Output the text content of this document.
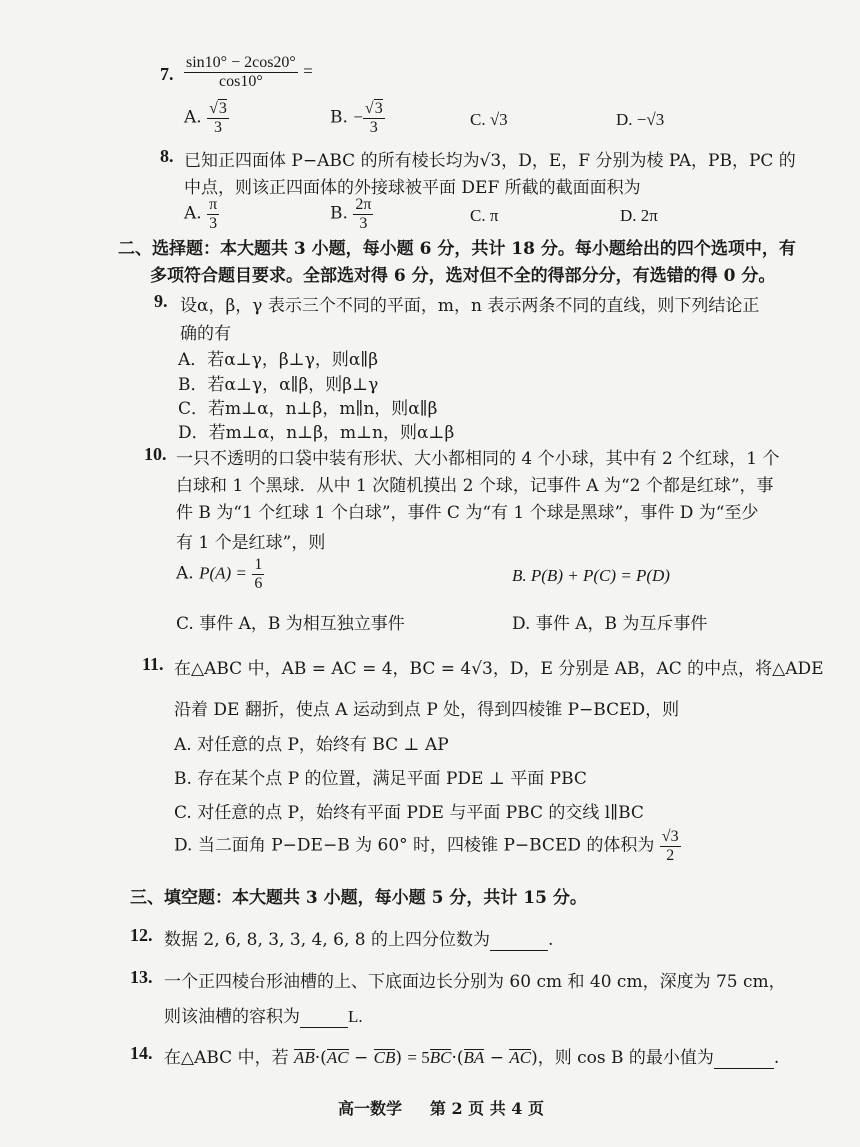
7. $\frac{\sin 10^\circ - 2\cos 20^\circ}{\cos 10^\circ}$ =
A. $\frac{√3}{3}$	B. − $\frac{√3}{3}$	C. √3	D. −√3
8. 已知正四面体 P−ABC 的所有棱长均为√3，D，E，F 分别为棱 PA，PB，PC 的
中点，则该正四面体的外接球被平面 DEF 所截的截面面积为
A. $\frac{\pi}{3}$	B. $\frac{2\pi}{3}$	C. π	D. 2π
二、选择题：本大题共 3 小题，每小题 6 分，共计 18 分。每小题给出的四个选项中，有
多项符合题目要求。全部选对得 6 分，选对但不全的得部分分，有选错的得 0 分。
9. 设α，β，γ 表示三个不同的平面，m，n 表示两条不同的直线，则下列结论正
确的有
A．若α⊥γ，β⊥γ，则α∥β
B．若α⊥γ，α∥β，则β⊥γ
C．若m⊥α，n⊥β，m∥n，则α∥β
D．若m⊥α，n⊥β，m⊥n，则α⊥β
10. 一只不透明的口袋中装有形状、大小都相同的 4 个小球，其中有 2 个红球，1 个
白球和 1 个黑球．从中 1 次随机摸出 2 个球，记事件 A 为“2 个都是红球”，事
件 B 为“1 个红球 1 个白球”，事件 C 为“有 1 个球是黑球”，事件 D 为“至少
有 1 个是红球”，则
A. $P(A) = \frac{1}{6}$	B. P(B) + P(C) = P(D)
C. 事件 A，B 为相互独立事件	D. 事件 A，B 为互斥事件
11. 在△ABC 中，AB = AC = 4，BC = 4√3，D，E 分别是 AB，AC 的中点，将△ADE
沿着 DE 翻折，使点 A 运动到点 P 处，得到四棱锥 P−BCED，则
A. 对任意的点 P，始终有 BC ⊥ AP
B. 存在某个点 P 的位置，满足平面 PDE ⊥ 平面 PBC
C. 对任意的点 P，始终有平面 PDE 与平面 PBC 的交线 l∥BC
D. 当二面角 P−DE−B 为 60° 时，四棱锥 P−BCED 的体积为 $\frac{√3}{2}$
三、填空题：本大题共 3 小题，每小题 5 分，共计 15 分。
12. 数据 2, 6, 8, 3, 3, 4, 6, 8 的上四分位数为	.
13. 一个正四棱台形油槽的上、下底面边长分别为 60 cm 和 40 cm，深度为 75 cm，
则该油槽的容积为	L.
14. 在△ABC 中，若 AB·(AC − CB) = 5BC·(BA − AC)，则 cos B 的最小值为	.
高一数学 第 2 页 共 4 页
